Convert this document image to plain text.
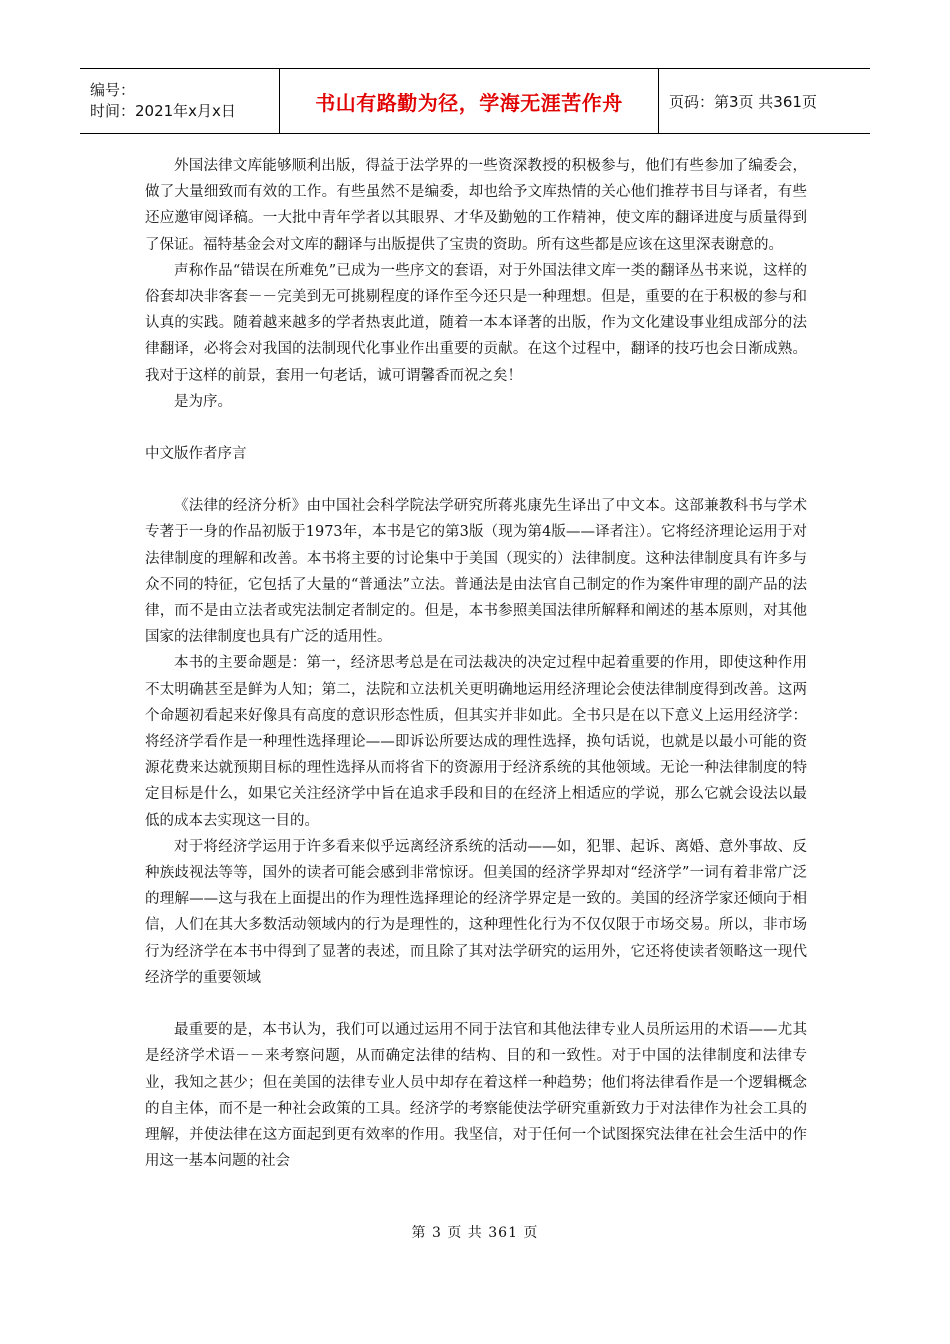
编号：
时间：2021年x月x日	书山有路勤为径，学海无涯苦作舟	页码：第3页 共361页

外国法律文库能够顺利出版，得益于法学界的一些资深教授的积极参与，他们有些参加了编委会，做了大量细致而有效的工作。有些虽然不是编委，却也给予文库热情的关心他们推荐书目与译者，有些还应邀审阅译稿。一大批中青年学者以其眼界、才华及勤勉的工作精神，使文库的翻译进度与质量得到了保证。福特基金会对文库的翻译与出版提供了宝贵的资助。所有这些都是应该在这里深表谢意的。

声称作品“错误在所难免”已成为一些序文的套语，对于外国法律文库一类的翻译丛书来说，这样的俗套却决非客套－－完美到无可挑剔程度的译作至今还只是一种理想。但是，重要的在于积极的参与和认真的实践。随着越来越多的学者热衷此道，随着一本本译著的出版，作为文化建设事业组成部分的法律翻译，必将会对我国的法制现代化事业作出重要的贡献。在这个过程中，翻译的技巧也会日渐成熟。我对于这样的前景，套用一句老话，诚可谓馨香而祝之矣！

是为序。

中文版作者序言

《法律的经济分析》由中国社会科学院法学研究所蒋兆康先生译出了中文本。这部兼教科书与学术专著于一身的作品初版于1973年，本书是它的第3版（现为第4版——译者注）。它将经济理论运用于对法律制度的理解和改善。本书将主要的讨论集中于美国（现实的）法律制度。这种法律制度具有许多与众不同的特征，它包括了大量的“普通法”立法。普通法是由法官自己制定的作为案件审理的副产品的法律，而不是由立法者或宪法制定者制定的。但是，本书参照美国法律所解释和阐述的基本原则，对其他国家的法律制度也具有广泛的适用性。

本书的主要命题是：第一，经济思考总是在司法裁决的决定过程中起着重要的作用，即使这种作用不太明确甚至是鲜为人知；第二，法院和立法机关更明确地运用经济理论会使法律制度得到改善。这两个命题初看起来好像具有高度的意识形态性质，但其实并非如此。全书只是在以下意义上运用经济学：将经济学看作是一种理性选择理论——即诉讼所要达成的理性选择，换句话说，也就是以最小可能的资源花费来达就预期目标的理性选择从而将省下的资源用于经济系统的其他领域。无论一种法律制度的特定目标是什么，如果它关注经济学中旨在追求手段和目的在经济上相适应的学说，那么它就会设法以最低的成本去实现这一目的。

对于将经济学运用于许多看来似乎远离经济系统的活动——如，犯罪、起诉、离婚、意外事故、反种族歧视法等等，国外的读者可能会感到非常惊讶。但美国的经济学界却对“经济学”一词有着非常广泛的理解——这与我在上面提出的作为理性选择理论的经济学界定是一致的。美国的经济学家还倾向于相信，人们在其大多数活动领域内的行为是理性的，这种理性化行为不仅仅限于市场交易。所以，非市场行为经济学在本书中得到了显著的表述，而且除了其对法学研究的运用外，它还将使读者领略这一现代经济学的重要领域

最重要的是，本书认为，我们可以通过运用不同于法官和其他法律专业人员所运用的术语——尤其是经济学术语－－来考察问题，从而确定法律的结构、目的和一致性。对于中国的法律制度和法律专业，我知之甚少；但在美国的法律专业人员中却存在着这样一种趋势；他们将法律看作是一个逻辑概念的自主体，而不是一种社会政策的工具。经济学的考察能使法学研究重新致力于对法律作为社会工具的理解，并使法律在这方面起到更有效率的作用。我坚信，对于任何一个试图探究法律在社会生活中的作用这一基本问题的社会

第 3 页 共 361 页
